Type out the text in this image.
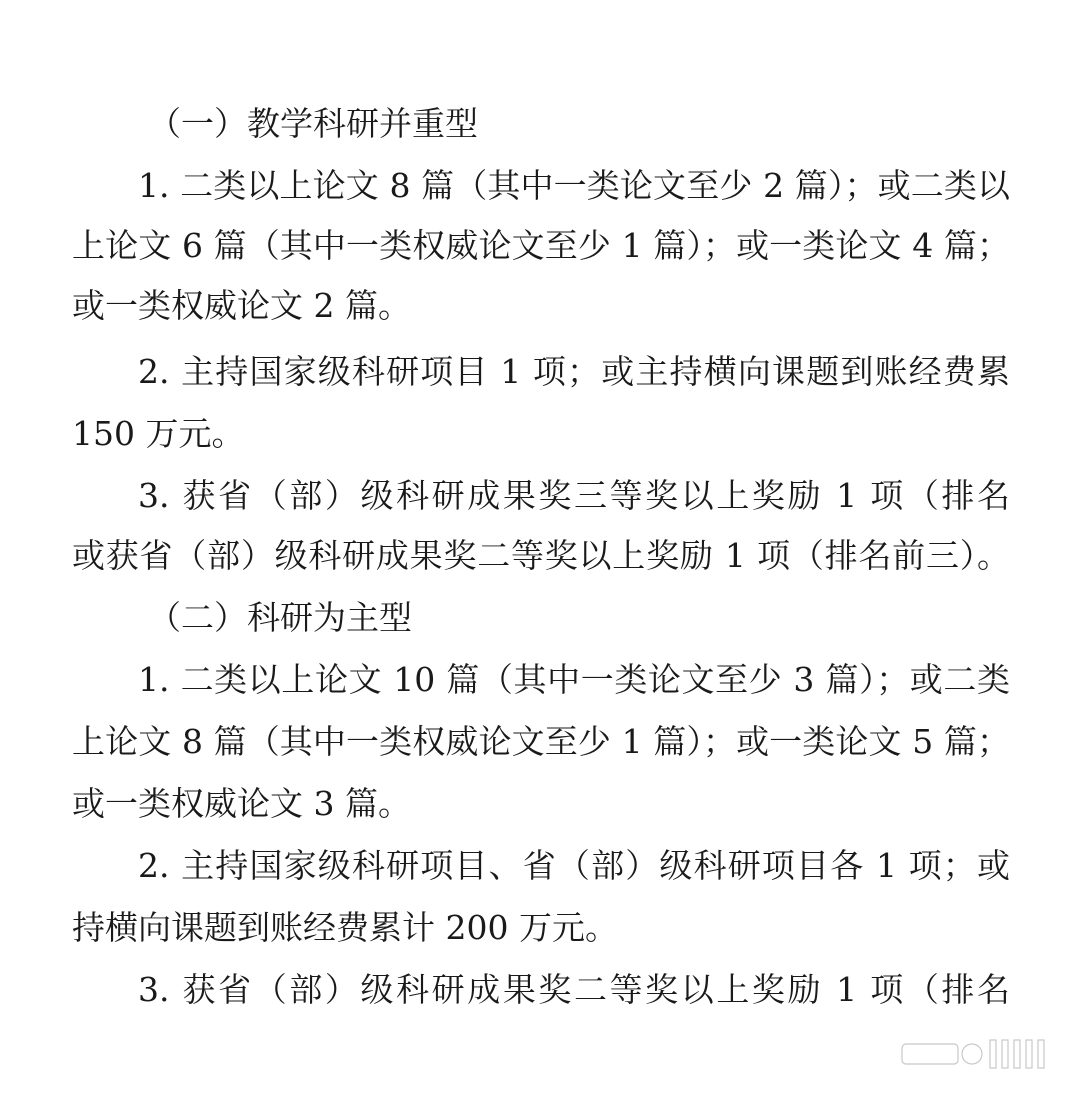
（一）教学科研并重型
1. 二类以上论文 8 篇（其中一类论文至少 2 篇）；或二类以
上论文 6 篇（其中一类权威论文至少 1 篇）；或一类论文 4 篇；
或一类权威论文 2 篇。
2. 主持国家级科研项目 1 项；或主持横向课题到账经费累
150 万元。
3. 获省（部）级科研成果奖三等奖以上奖励 1 项（排名
或获省（部）级科研成果奖二等奖以上奖励 1 项（排名前三）。
（二）科研为主型
1. 二类以上论文 10 篇（其中一类论文至少 3 篇）；或二类
上论文 8 篇（其中一类权威论文至少 1 篇）；或一类论文 5 篇；
或一类权威论文 3 篇。
2. 主持国家级科研项目、省（部）级科研项目各 1 项；或
持横向课题到账经费累计 200 万元。
3. 获省（部）级科研成果奖二等奖以上奖励 1 项（排名
